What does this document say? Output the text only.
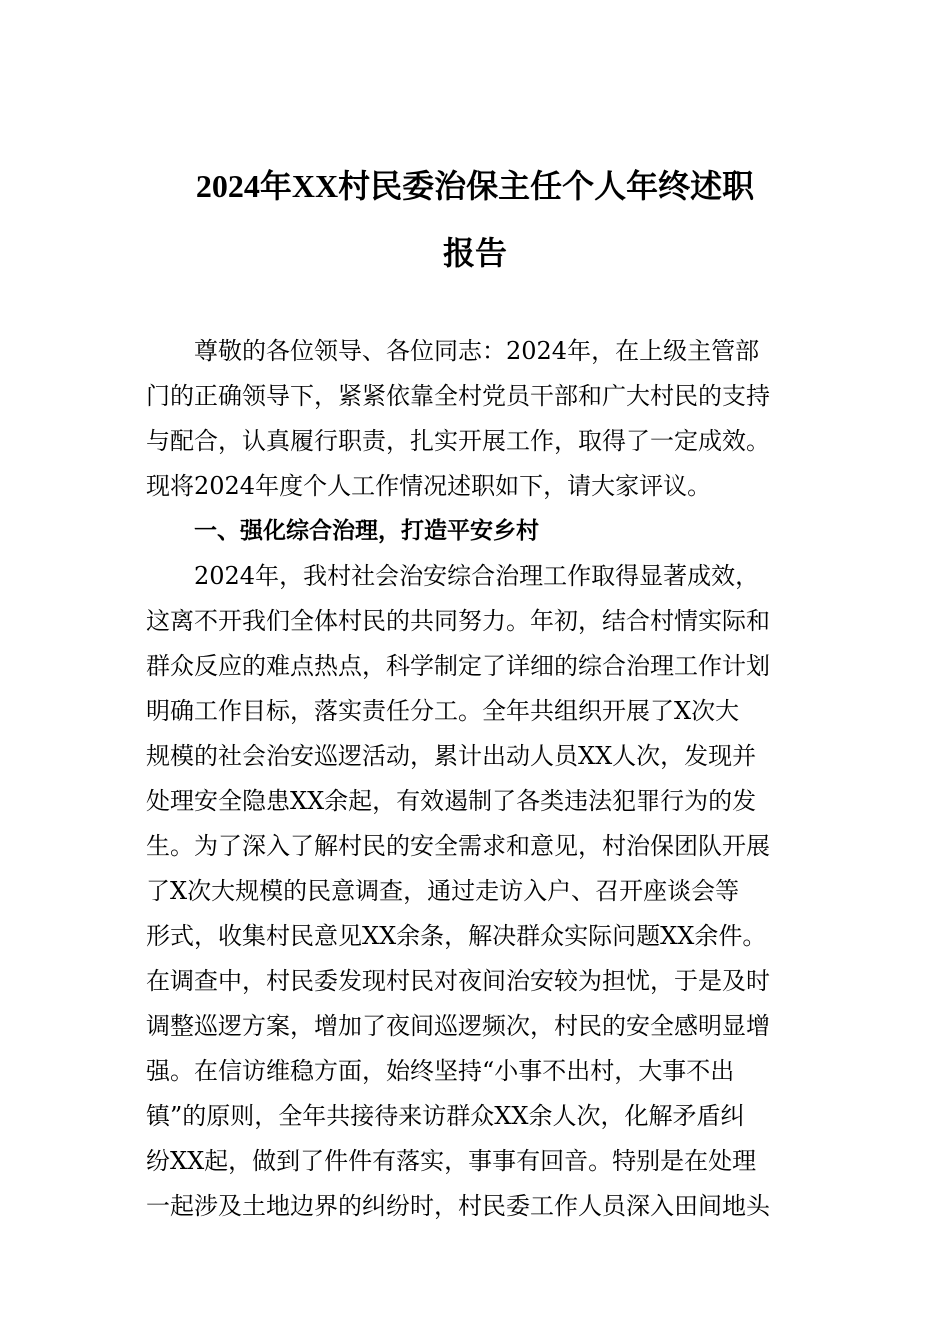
2024年XX村民委治保主任个人年终述职
报告
尊敬的各位领导、各位同志：2024年，在上级主管部
门的正确领导下，紧紧依靠全村党员干部和广大村民的支持
与配合，认真履行职责，扎实开展工作，取得了一定成效。
现将2024年度个人工作情况述职如下，请大家评议。
一、强化综合治理，打造平安乡村
2024年，我村社会治安综合治理工作取得显著成效，
这离不开我们全体村民的共同努力。年初，结合村情实际和
群众反应的难点热点，科学制定了详细的综合治理工作计划
明确工作目标，落实责任分工。全年共组织开展了X次大
规模的社会治安巡逻活动，累计出动人员XX人次，发现并
处理安全隐患XX余起，有效遏制了各类违法犯罪行为的发
生。为了深入了解村民的安全需求和意见，村治保团队开展
了X次大规模的民意调查，通过走访入户、召开座谈会等
形式，收集村民意见XX余条，解决群众实际问题XX余件。
在调查中，村民委发现村民对夜间治安较为担忧，于是及时
调整巡逻方案，增加了夜间巡逻频次，村民的安全感明显增
强。在信访维稳方面，始终坚持“小事不出村，大事不出
镇”的原则，全年共接待来访群众XX余人次，化解矛盾纠
纷XX起，做到了件件有落实，事事有回音。特别是在处理
一起涉及土地边界的纠纷时，村民委工作人员深入田间地头
